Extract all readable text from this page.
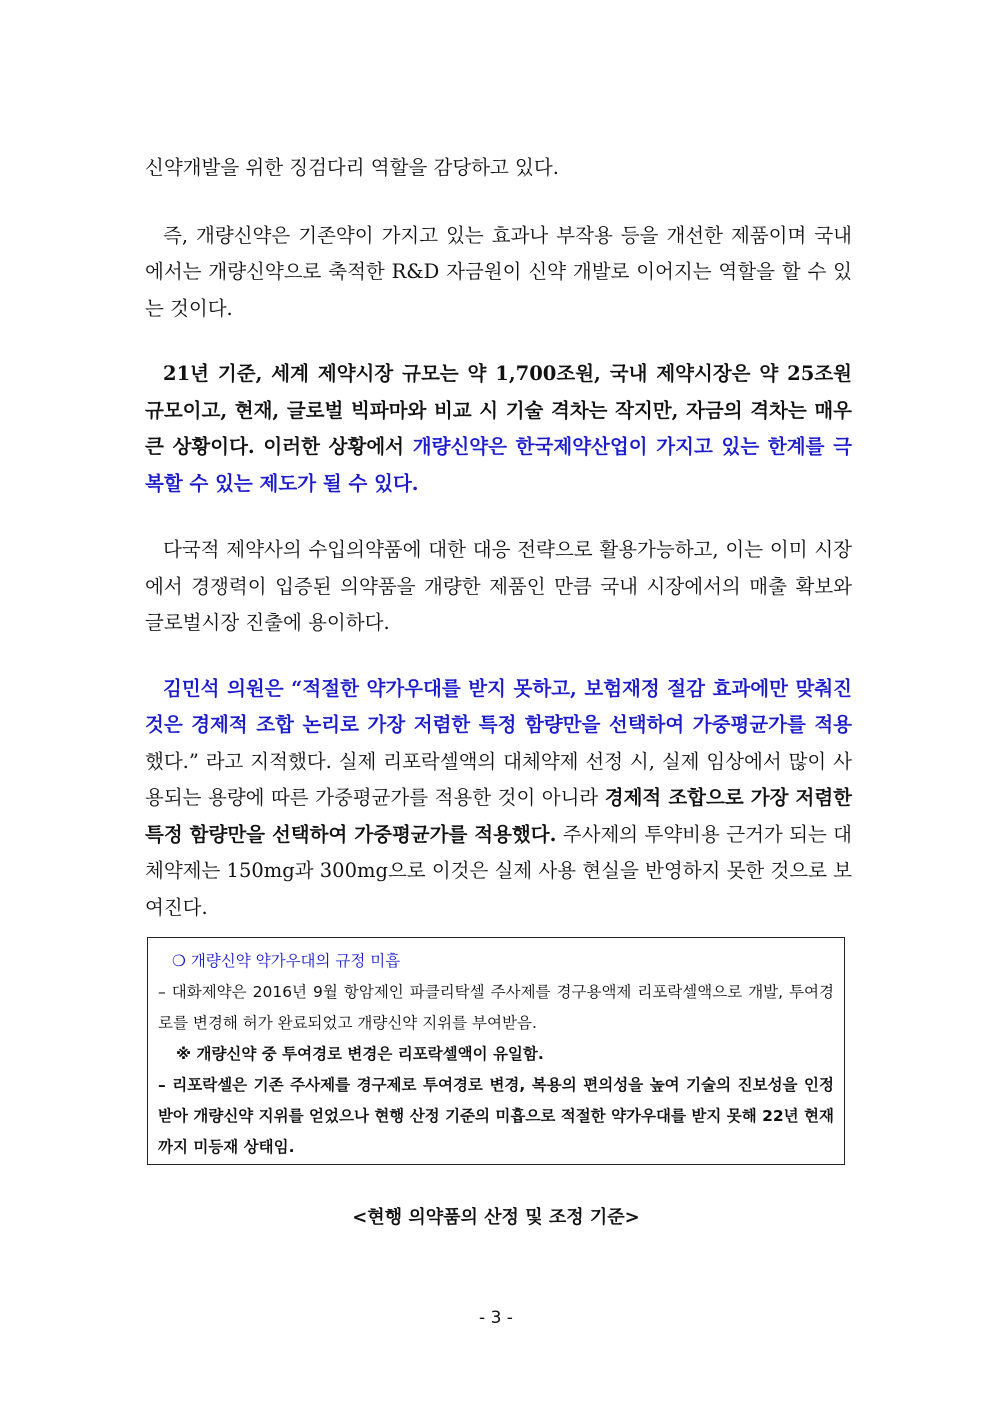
신약개발을 위한 징검다리 역할을 감당하고 있다.

즉, 개량신약은 기존약이 가지고 있는 효과나 부작용 등을 개선한 제품이며 국내에서는 개량신약으로 축적한 R&D 자금원이 신약 개발로 이어지는 역할을 할 수 있는 것이다.

21년 기준, 세계 제약시장 규모는 약 1,700조원, 국내 제약시장은 약 25조원 규모이고, 현재, 글로벌 빅파마와 비교 시 기술 격차는 작지만, 자금의 격차는 매우 큰 상황이다. 이러한 상황에서 개량신약은 한국제약산업이 가지고 있는 한계를 극복할 수 있는 제도가 될 수 있다.

다국적 제약사의 수입의약품에 대한 대응 전략으로 활용가능하고, 이는 이미 시장에서 경쟁력이 입증된 의약품을 개량한 제품인 만큼 국내 시장에서의 매출 확보와 글로벌시장 진출에 용이하다.

김민석 의원은 “적절한 약가우대를 받지 못하고, 보험재정 절감 효과에만 맞춰진 것은 경제적 조합 논리로 가장 저렴한 특정 함량만을 선택하여 가중평균가를 적용했다.” 라고 지적했다. 실제 리포락셀액의 대체약제 선정 시, 실제 임상에서 많이 사용되는 용량에 따른 가중평균가를 적용한 것이 아니라 경제적 조합으로 가장 저렴한 특정 함량만을 선택하여 가중평균가를 적용했다. 주사제의 투약비용 근거가 되는 대체약제는 150mg과 300mg으로 이것은 실제 사용 현실을 반영하지 못한 것으로 보여진다.

❍ 개량신약 약가우대의 규정 미흡

– 대화제약은 2016년 9월 항암제인 파클리탁셀 주사제를 경구용액제 리포락셀액으로 개발, 투여경로를 변경해 허가 완료되었고 개량신약 지위를 부여받음.

※ 개량신약 중 투여경로 변경은 리포락셀액이 유일함.

– 리포락셀은 기존 주사제를 경구제로 투여경로 변경, 복용의 편의성을 높여 기술의 진보성을 인정받아 개량신약 지위를 얻었으나 현행 산정 기준의 미흡으로 적절한 약가우대를 받지 못해 22년 현재까지 미등재 상태임.

<현행 의약품의 산정 및 조정 기준>
- 3 -
